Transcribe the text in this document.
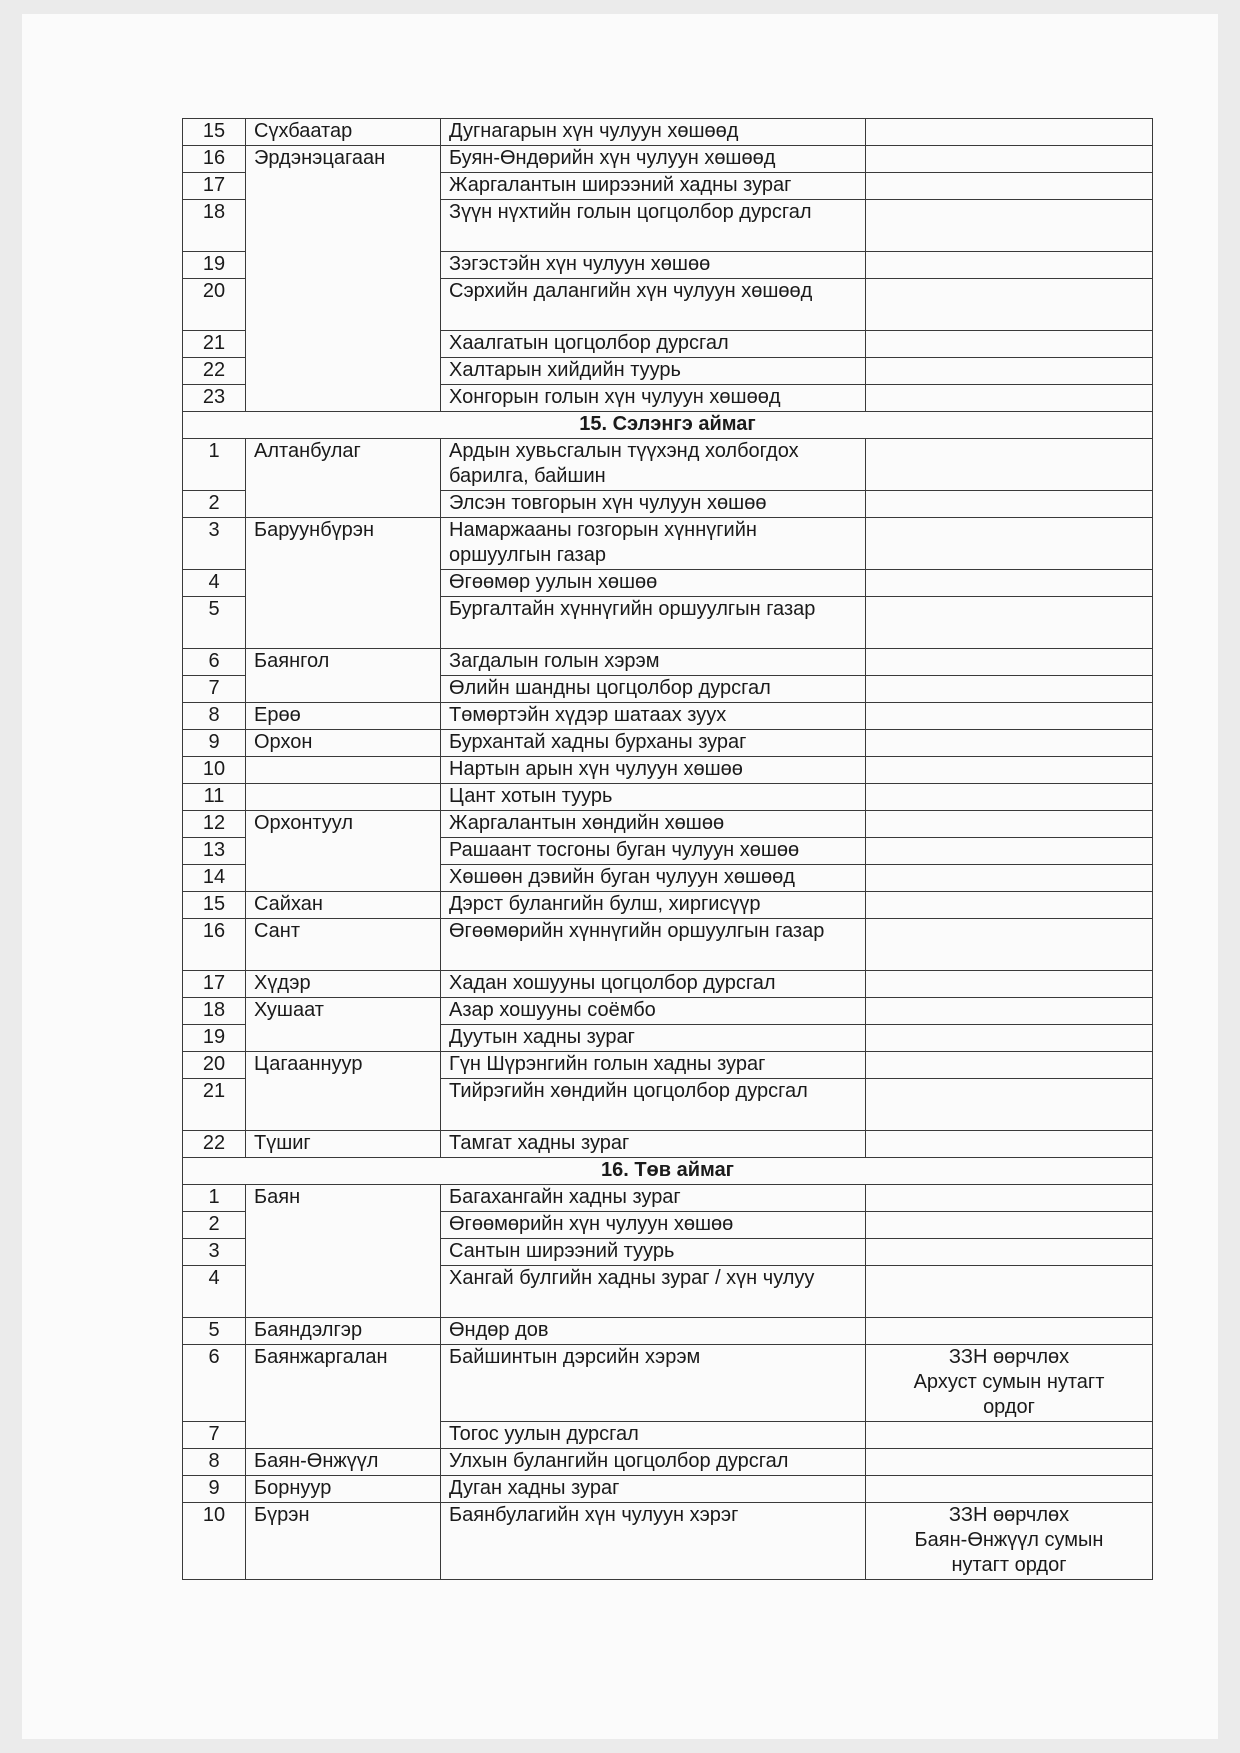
15	Сүхбаатар	Дугнагарын хүн чулуун хөшөөд	
16	Эрдэнэцагаан	Буян-Өндөрийн хүн чулуун хөшөөд	
17		Жаргалантын ширээний хадны зураг	
18		Зүүн нүхтийн голын цогцолбор дурсгал	
19		Зэгэстэйн хүн чулуун хөшөө	
20		Сэрхийн далангийн хүн чулуун хөшөөд	
21		Хаалгатын цогцолбор дурсгал	
22		Халтарын хийдийн туурь	
23		Хонгорын голын хүн чулуун хөшөөд	
15. Сэлэнгэ аймаг			
1	Алтанбулаг	Ардын хувьсгалын түүхэнд холбогдох барилга, байшин	
2		Элсэн товгорын хүн чулуун хөшөө	
3	Баруунбүрэн	Намаржааны гозгорын хүннүгийн оршуулгын газар	
4		Өгөөмөр уулын хөшөө	
5		Бургалтайн хүннүгийн оршуулгын газар	
6	Баянгол	Загдалын голын хэрэм	
7		Өлийн шандны цогцолбор дурсгал	
8	Ерөө	Төмөртэйн хүдэр шатаах зуух	
9	Орхон	Бурхантай хадны бурханы зураг	
10		Нартын арын хүн чулуун хөшөө	
11		Цант хотын туурь	
12	Орхонтуул	Жаргалантын хөндийн хөшөө	
13		Рашаант тосгоны буган чулуун хөшөө	
14		Хөшөөн дэвийн буган чулуун хөшөөд	
15	Сайхан	Дэрст булангийн булш, хиргисүүр	
16	Сант	Өгөөмөрийн хүннүгийн оршуулгын газар	
17	Хүдэр	Хадан хошууны цогцолбор дурсгал	
18	Хушаат	Азар хошууны соёмбо	
19		Дуутын хадны зураг	
20	Цагааннуур	Гүн Шүрэнгийн голын хадны зураг	
21		Тийрэгийн хөндийн цогцолбор дурсгал	
22	Түшиг	Тамгат хадны зураг	
16. Төв аймаг			
1	Баян	Багахангайн хадны зураг	
2		Өгөөмөрийн хүн чулуун хөшөө	
3		Сантын ширээний туурь	
4		Хангай булгийн хадны зураг / хүн чулуу	
5	Баяндэлгэр	Өндөр дов	
6	Баянжаргалан	Байшинтын дэрсийн хэрэм	ЗЗН өөрчлөх
Архуст сумын нутагт
ордог

7		Тогос уулын дурсгал	
8	Баян-Өнжүүл	Улхын булангийн цогцолбор дурсгал	
9	Борнуур	Дуган хадны зураг	
10	Бүрэн	Баянбулагийн хүн чулуун хэрэг	ЗЗН өөрчлөх
Баян-Өнжүүл сумын
нутагт ордог
